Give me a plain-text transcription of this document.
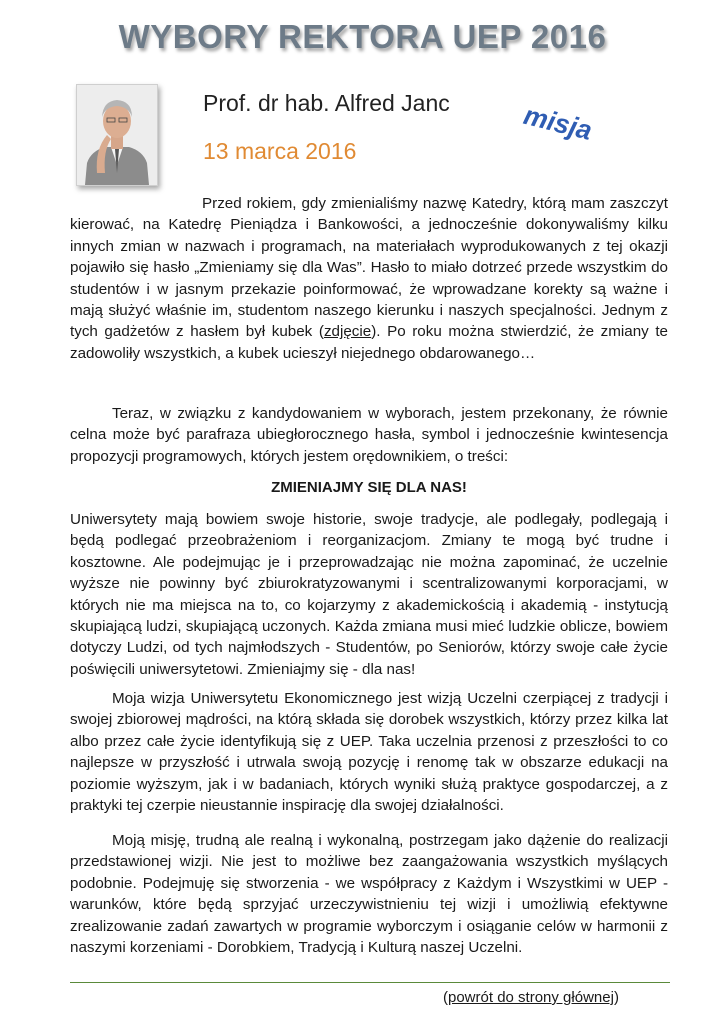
WYBORY REKTORA UEP 2016
Prof. dr hab. Alfred Janc
13 marca 2016
misja
Przed rokiem, gdy zmienialiśmy nazwę Katedry, którą mam zaszczyt kierować, na Katedrę Pieniądza i Bankowości, a jednocześnie dokonywaliśmy kilku innych zmian w nazwach i programach, na materiałach wyprodukowanych z tej okazji pojawiło się hasło „Zmieniamy się dla Was”. Hasło to miało dotrzeć przede wszystkim do studentów i w jasnym przekazie poinformować, że wprowadzane korekty są ważne i mają służyć właśnie im, studentom naszego kierunku i naszych specjalności. Jednym z tych gadżetów z hasłem był kubek (zdjęcie). Po roku można stwierdzić, że zmiany te zadowoliły wszystkich, a kubek ucieszył niejednego obdarowanego…
Teraz, w związku z kandydowaniem w wyborach, jestem przekonany, że równie celna może być parafraza ubiegłorocznego hasła, symbol i jednocześnie kwintesencja propozycji programowych, których jestem orędownikiem, o treści:
ZMIENIAJMY SIĘ DLA NAS!
Uniwersytety mają bowiem swoje historie, swoje tradycje, ale podlegały, podlegają i będą podlegać przeobrażeniom i reorganizacjom. Zmiany te mogą być trudne i kosztowne. Ale podejmując je i przeprowadzając nie można zapominać, że uczelnie wyższe nie powinny być zbiurokratyzowanymi i scentralizowanymi korporacjami, w których nie ma miejsca na to, co kojarzymy z akademickością i akademią - instytucją skupiającą ludzi, skupiającą uczonych. Każda zmiana musi mieć ludzkie oblicze, bowiem dotyczy Ludzi, od tych najmłodszych - Studentów, po Seniorów, którzy swoje całe życie poświęcili uniwersytetowi. Zmieniajmy się - dla nas!
Moja wizja Uniwersytetu Ekonomicznego jest wizją Uczelni czerpiącej z tradycji i swojej zbiorowej mądrości, na którą składa się dorobek wszystkich, którzy przez kilka lat albo przez całe życie identyfikują się z UEP. Taka uczelnia przenosi z przeszłości to co najlepsze w przyszłość i utrwala swoją pozycję i renomę tak w obszarze edukacji na poziomie wyższym, jak i w badaniach, których wyniki służą praktyce gospodarczej, a z praktyki tej czerpie nieustannie inspirację dla swojej działalności.
Moją misję, trudną ale realną i wykonalną, postrzegam jako dążenie do realizacji przedstawionej wizji. Nie jest to możliwe bez zaangażowania wszystkich myślących podobnie. Podejmuję się stworzenia - we współpracy z Każdym i Wszystkimi w UEP - warunków, które będą sprzyjać urzeczywistnieniu tej wizji i umożliwią efektywne zrealizowanie zadań zawartych w programie wyborczym i osiąganie celów w harmonii z naszymi korzeniami - Dorobkiem, Tradycją i Kulturą naszej Uczelni.
(powrót do strony głównej)
